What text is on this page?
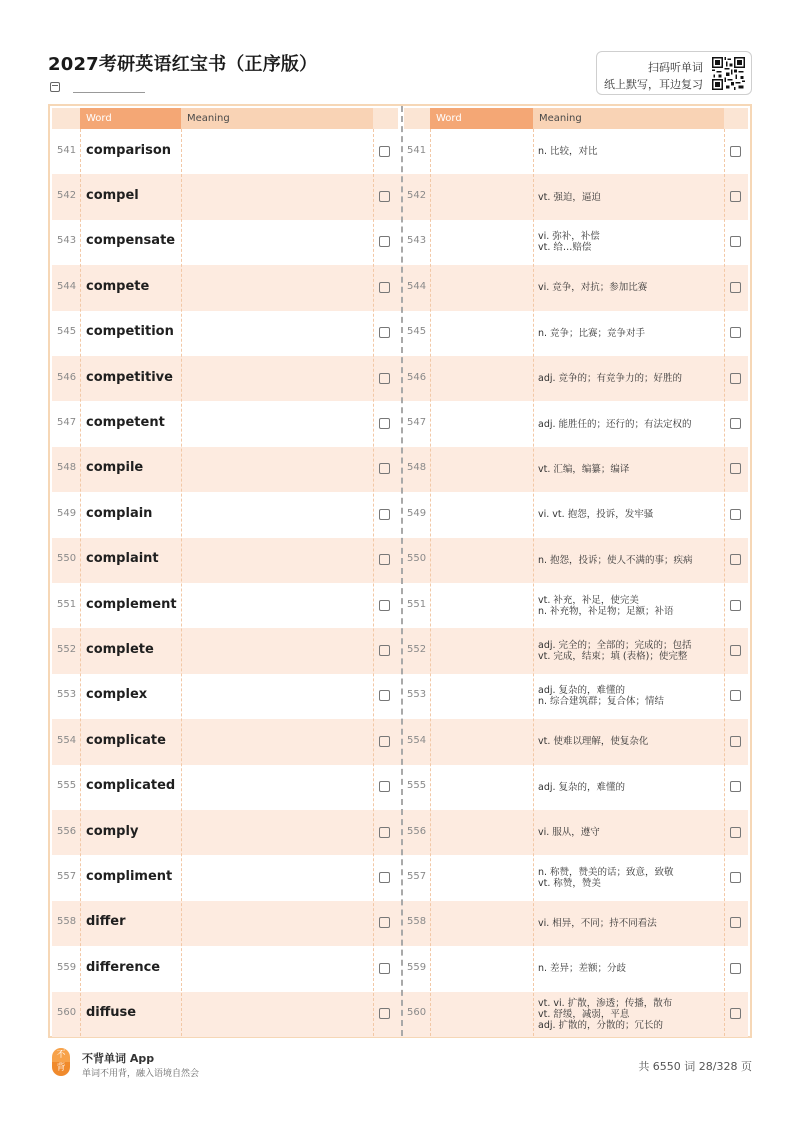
2027考研英语红宝书（正序版）	扫码听单词
纸上默写，耳边复习
Word	Meaning	Word	Meaning
541 comparison	541	n. 比较，对比
542 compel	542	vt. 强迫，逼迫
543 compensate	543	vi. 弥补，补偿
vt. 给…赔偿
544 compete	544	vi. 竞争，对抗；参加比赛
545 competition	545	n. 竞争；比赛；竞争对手
546 competitive	546	adj. 竞争的；有竞争力的；好胜的
547 competent	547	adj. 能胜任的；还行的；有法定权的
548 compile	548	vt. 汇编，编纂；编译
549 complain	549	vi. vt. 抱怨，投诉，发牢骚
550 complaint	550	n. 抱怨，投诉；使人不满的事；疾病
551 complement	551	vt. 补充，补足，使完美
n. 补充物，补足物；足额；补语
552 complete	552	adj. 完全的；全部的；完成的；包括
vt. 完成，结束；填 (表格)；使完整
553 complex	553	adj. 复杂的，难懂的
n. 综合建筑群；复合体；情结
554 complicate	554	vt. 使难以理解，使复杂化
555 complicated	555	adj. 复杂的，难懂的
556 comply	556	vi. 服从，遵守
557 compliment	557	n. 称赞，赞美的话；致意，致敬
vt. 称赞，赞美
558 differ	558	vi. 相异，不同；持不同看法
559 difference	559	n. 差异；差额；分歧
560 diffuse	560
vt. vi. 扩散，渗透；传播，散布
vt. 舒缓，减弱，平息
adj. 扩散的，分散的；冗长的
不
背
不背单词 App
单词不用背，融入语境自然会
共 6550 词 28/328 页
